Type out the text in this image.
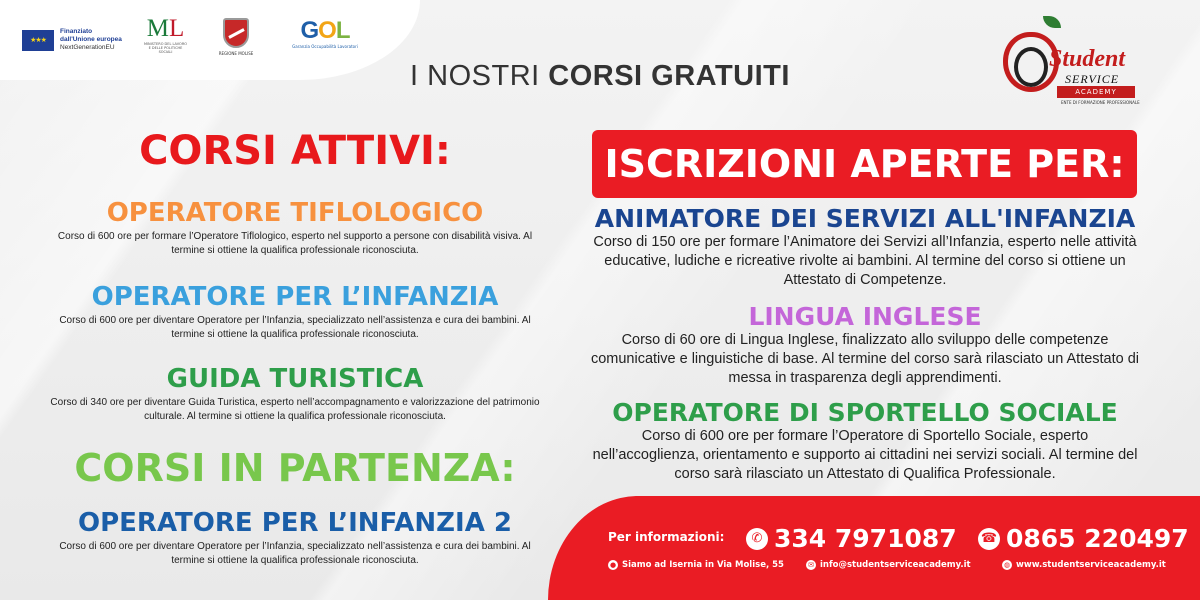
★★★
Finanziato
dall'Unione europea
NextGenerationEU
ML
MINISTERO DEL LAVORO E DELLE POLITICHE SOCIALI	REGIONE MOLISE
GOL
Garanzia Occupabilità Lavoratori
I NOSTRI CORSI GRATUITI
Student
SERVICE
ACADEMY
ENTE DI FORMAZIONE PROFESSIONALE
CORSI ATTIVI:
OPERATORE TIFLOLOGICO
Corso di 600 ore per formare l’Operatore Tiflologico, esperto nel supporto a persone con disabilità visiva. Al termine si ottiene la qualifica professionale riconosciuta.
OPERATORE PER L’INFANZIA
Corso di 600 ore per diventare Operatore per l’Infanzia, specializzato nell’assistenza e cura dei bambini. Al termine si ottiene la qualifica professionale riconosciuta.
GUIDA TURISTICA
Corso di 340 ore per diventare Guida Turistica, esperto nell’accompagnamento e valorizzazione del patrimonio culturale. Al termine si ottiene la qualifica professionale riconosciuta.
CORSI IN PARTENZA:
OPERATORE PER L’INFANZIA 2
Corso di 600 ore per diventare Operatore per l’Infanzia, specializzato nell’assistenza e cura dei bambini. Al termine si ottiene la qualifica professionale riconosciuta.
ISCRIZIONI APERTE PER:
ANIMATORE DEI SERVIZI ALL'INFANZIA
Corso di 150 ore per formare l’Animatore dei Servizi all’Infanzia, esperto nelle attività educative, ludiche e ricreative rivolte ai bambini. Al termine del corso si ottiene un Attestato di Competenze.
LINGUA INGLESE
Corso di 60 ore di Lingua Inglese, finalizzato allo sviluppo delle competenze comunicative e linguistiche di base. Al termine del corso sarà rilasciato un Attestato di messa in trasparenza degli apprendimenti.
OPERATORE DI SPORTELLO SOCIALE
Corso di 600 ore per formare l’Operatore di Sportello Sociale, esperto nell’accoglienza, orientamento e supporto ai cittadini nei servizi sociali. Al termine del corso sarà rilasciato un Attestato di Qualifica Professionale.
Per informazioni:	✆ 334 7971087 ☎ 0865 220497
● Siamo ad Isernia in Via Molise, 55	✉ info@studentserviceacademy.it	◍ www.studentserviceacademy.it
